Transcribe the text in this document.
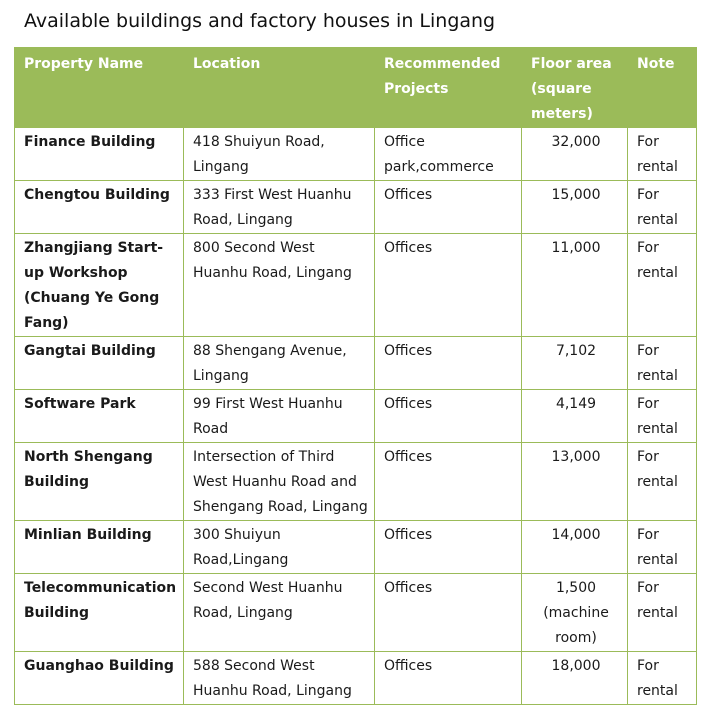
Available buildings and factory houses in Lingang
Property Name	Location	Recommended Projects	Floor area (square meters)	Note
Finance Building	418 Shuiyun Road, Lingang	Office park,commerce	32,000	For rental
Chengtou Building	333 First West Huanhu Road, Lingang	Offices	15,000	For rental
Zhangjiang Start-up Workshop (Chuang Ye Gong Fang)	800 Second West Huanhu Road, Lingang	Offices	11,000	For rental
Gangtai Building	88 Shengang Avenue, Lingang	Offices	7,102	For rental
Software Park	99 First West Huanhu Road	Offices	4,149	For rental
North Shengang Building	Intersection of Third West Huanhu Road and Shengang Road, Lingang	Offices	13,000	For rental
Minlian Building	300 Shuiyun Road,Lingang	Offices	14,000	For rental
Telecommunication Building	Second West Huanhu Road, Lingang	Offices	1,500 (machine room)	For rental
Guanghao Building	588 Second West Huanhu Road, Lingang	Offices	18,000	For rental
